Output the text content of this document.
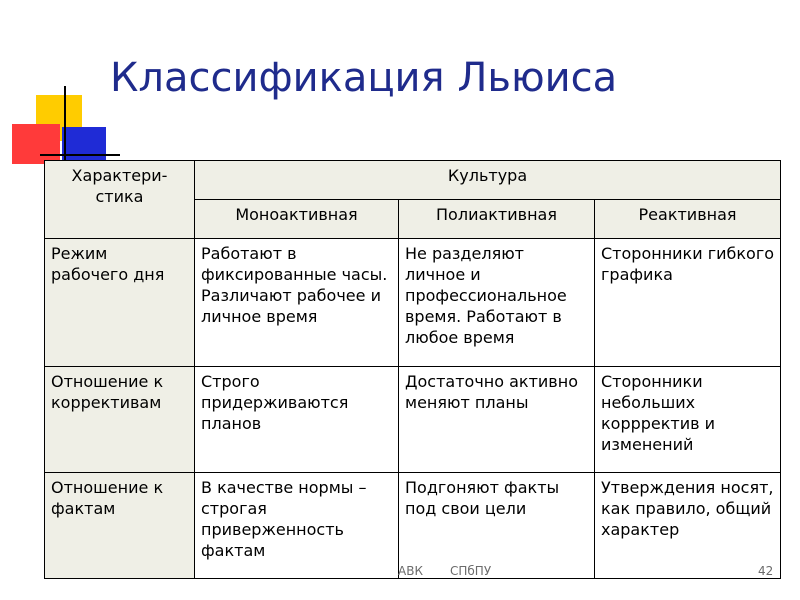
Классификация Льюиса
Характери-стика	Культура		
	Моноактивная	Полиактивная	Реактивная
Режим рабочего дня	Работают в фиксированные часы. Различают рабочее и личное время	Не разделяют личное и профессиональное время. Работают в любое время	Сторонники гибкого графика
Отношение к коррективам	Строго придерживаются планов	Достаточно активно меняют планы	Сторонники небольших коррректив и изменений
Отношение к фактам	В качестве нормы – строгая приверженность фактам	Подгоняют факты под свои цели	Утверждения носят, как правило, общий характер
АВК СПбПУ	42
